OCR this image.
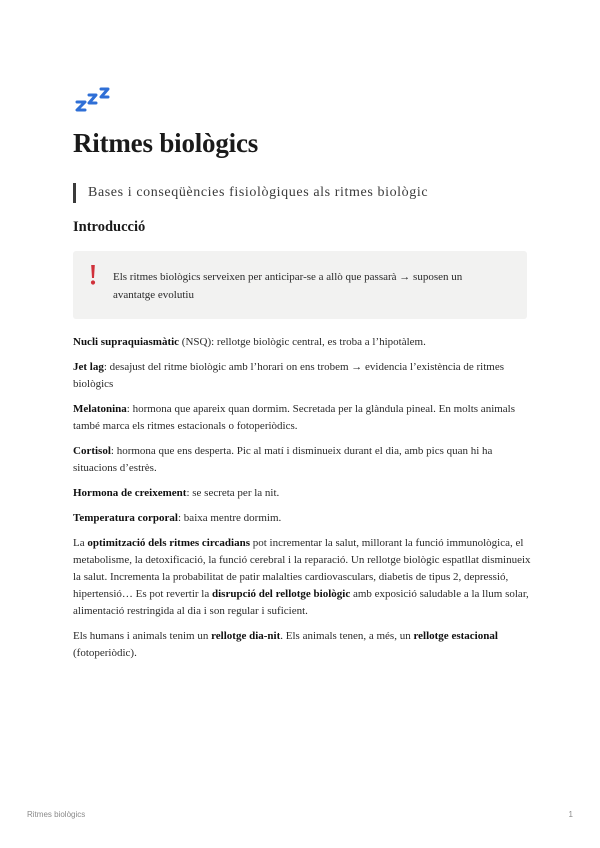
Ritmes biològics
Bases i conseqüències fisiològiques als ritmes biològic
Introducció
Els ritmes biològics serveixen per anticipar-se a allò que passarà → suposen un avantatge evolutiu

Nucli supraquiasmàtic (NSQ): rellotge biològic central, es troba a l’hipotàlem.

Jet lag: desajust del ritme biològic amb l’horari on ens trobem → evidencia l’existència de ritmes biològics

Melatonina: hormona que apareix quan dormim. Secretada per la glàndula pineal. En molts animals també marca els ritmes estacionals o fotoperiòdics.

Cortisol: hormona que ens desperta. Pic al matí i disminueix durant el dia, amb pics quan hi ha situacions d’estrès.

Hormona de creixement: se secreta per la nit.

Temperatura corporal: baixa mentre dormim.

La optimització dels ritmes circadians pot incrementar la salut, millorant la funció immunològica, el metabolisme, la detoxificació, la funció cerebral i la reparació. Un rellotge biològic espatllat disminueix la salut. Incrementa la probabilitat de patir malalties cardiovasculars, diabetis de tipus 2, depressió, hipertensió… Es pot revertir la disrupció del rellotge biològic amb exposició saludable a la llum solar, alimentació restringida al dia i son regular i suficient.

Els humans i animals tenim un rellotge dia-nit. Els animals tenen, a més, un rellotge estacional (fotoperiòdic).

Ritmes biològics	1
